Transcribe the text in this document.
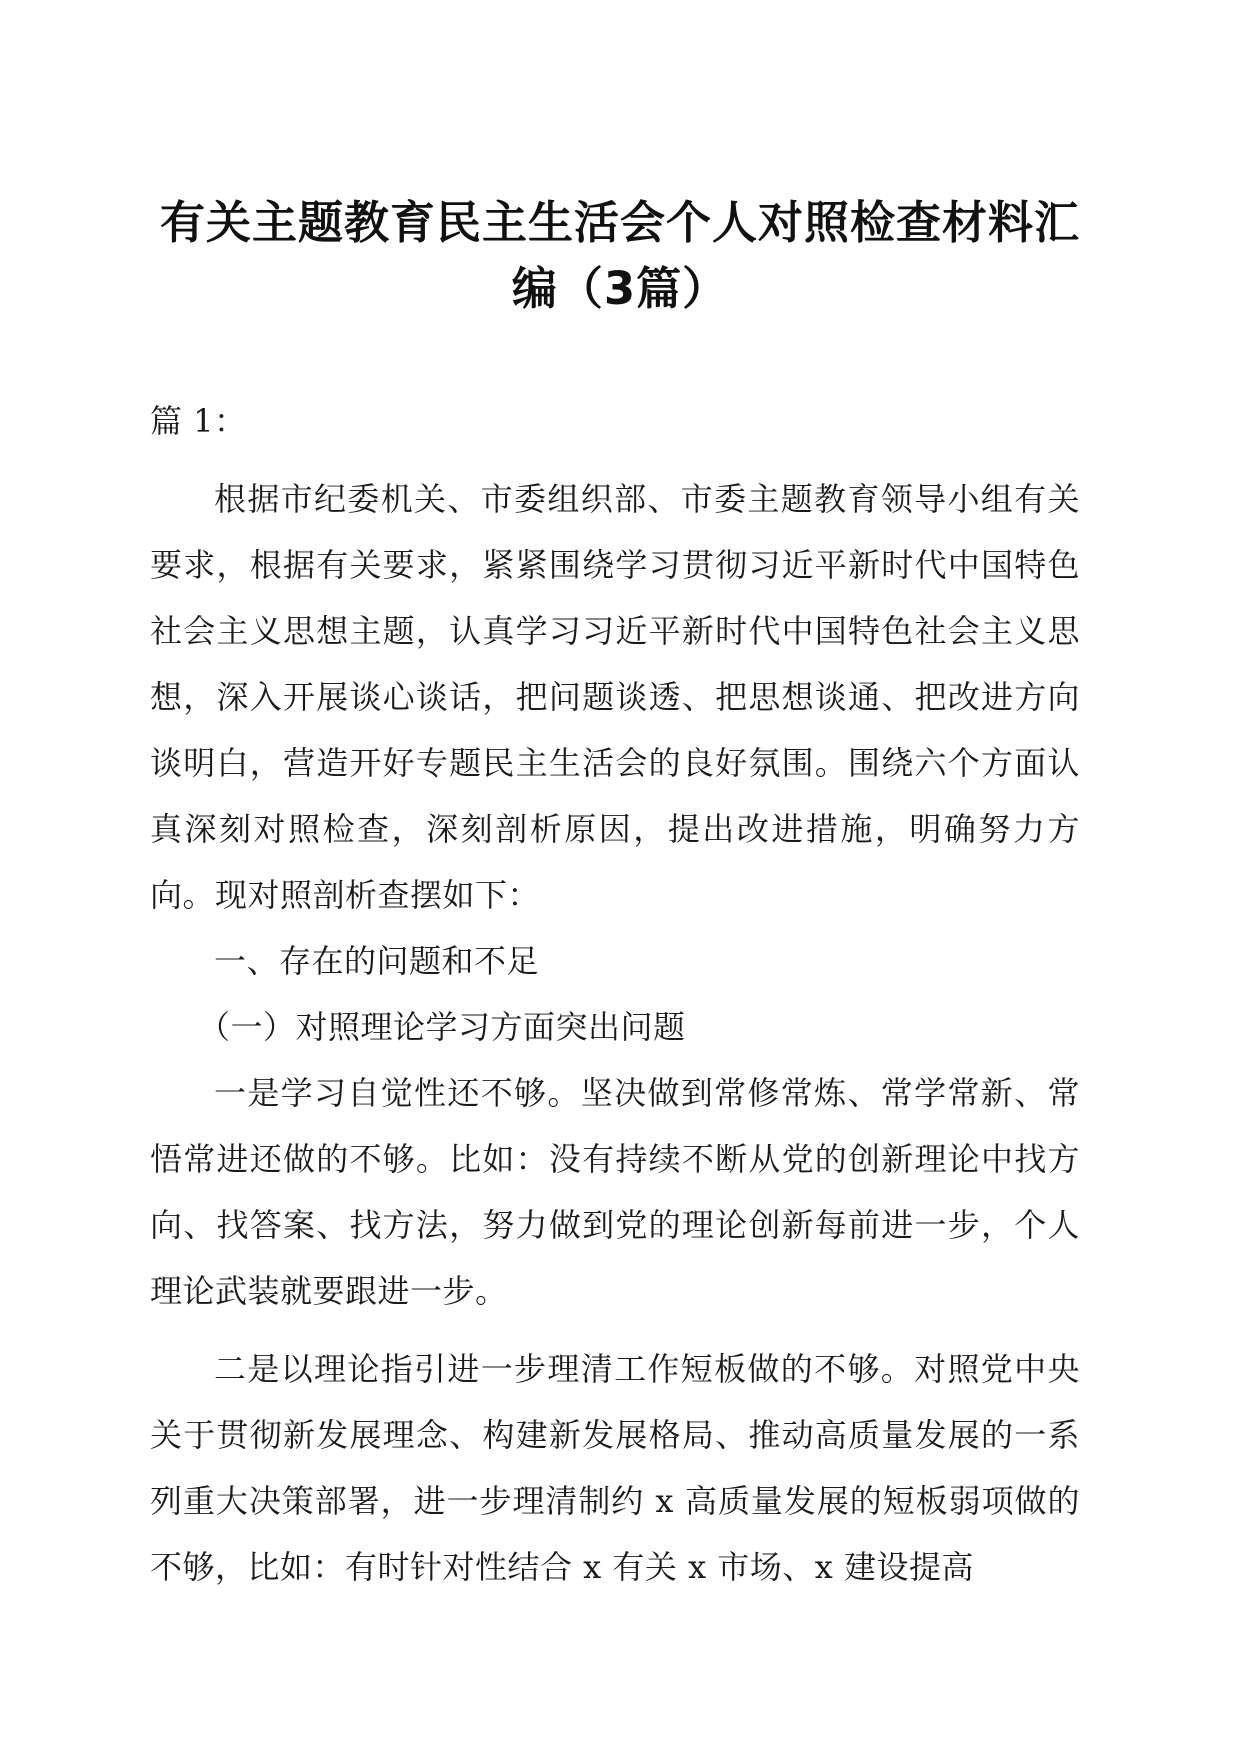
有关主题教育民主生活会个人对照检查材料汇编（3篇）

篇 1：

根据市纪委机关、市委组织部、市委主题教育领导小组有关要求，根据有关要求，紧紧围绕学习贯彻习近平新时代中国特色社会主义思想主题，认真学习习近平新时代中国特色社会主义思想，深入开展谈心谈话，把问题谈透、把思想谈通、把改进方向谈明白，营造开好专题民主生活会的良好氛围。围绕六个方面认真深刻对照检查，深刻剖析原因，提出改进措施，明确努力方向。现对照剖析查摆如下：

一、存在的问题和不足

（一）对照理论学习方面突出问题

一是学习自觉性还不够。坚决做到常修常炼、常学常新、常悟常进还做的不够。比如：没有持续不断从党的创新理论中找方向、找答案、找方法，努力做到党的理论创新每前进一步，个人理论武装就要跟进一步。

二是以理论指引进一步理清工作短板做的不够。对照党中央关于贯彻新发展理念、构建新发展格局、推动高质量发展的一系列重大决策部署，进一步理清制约 x 高质量发展的短板弱项做的不够，比如：有时针对性结合 x 有关 x 市场、x 建设提高
